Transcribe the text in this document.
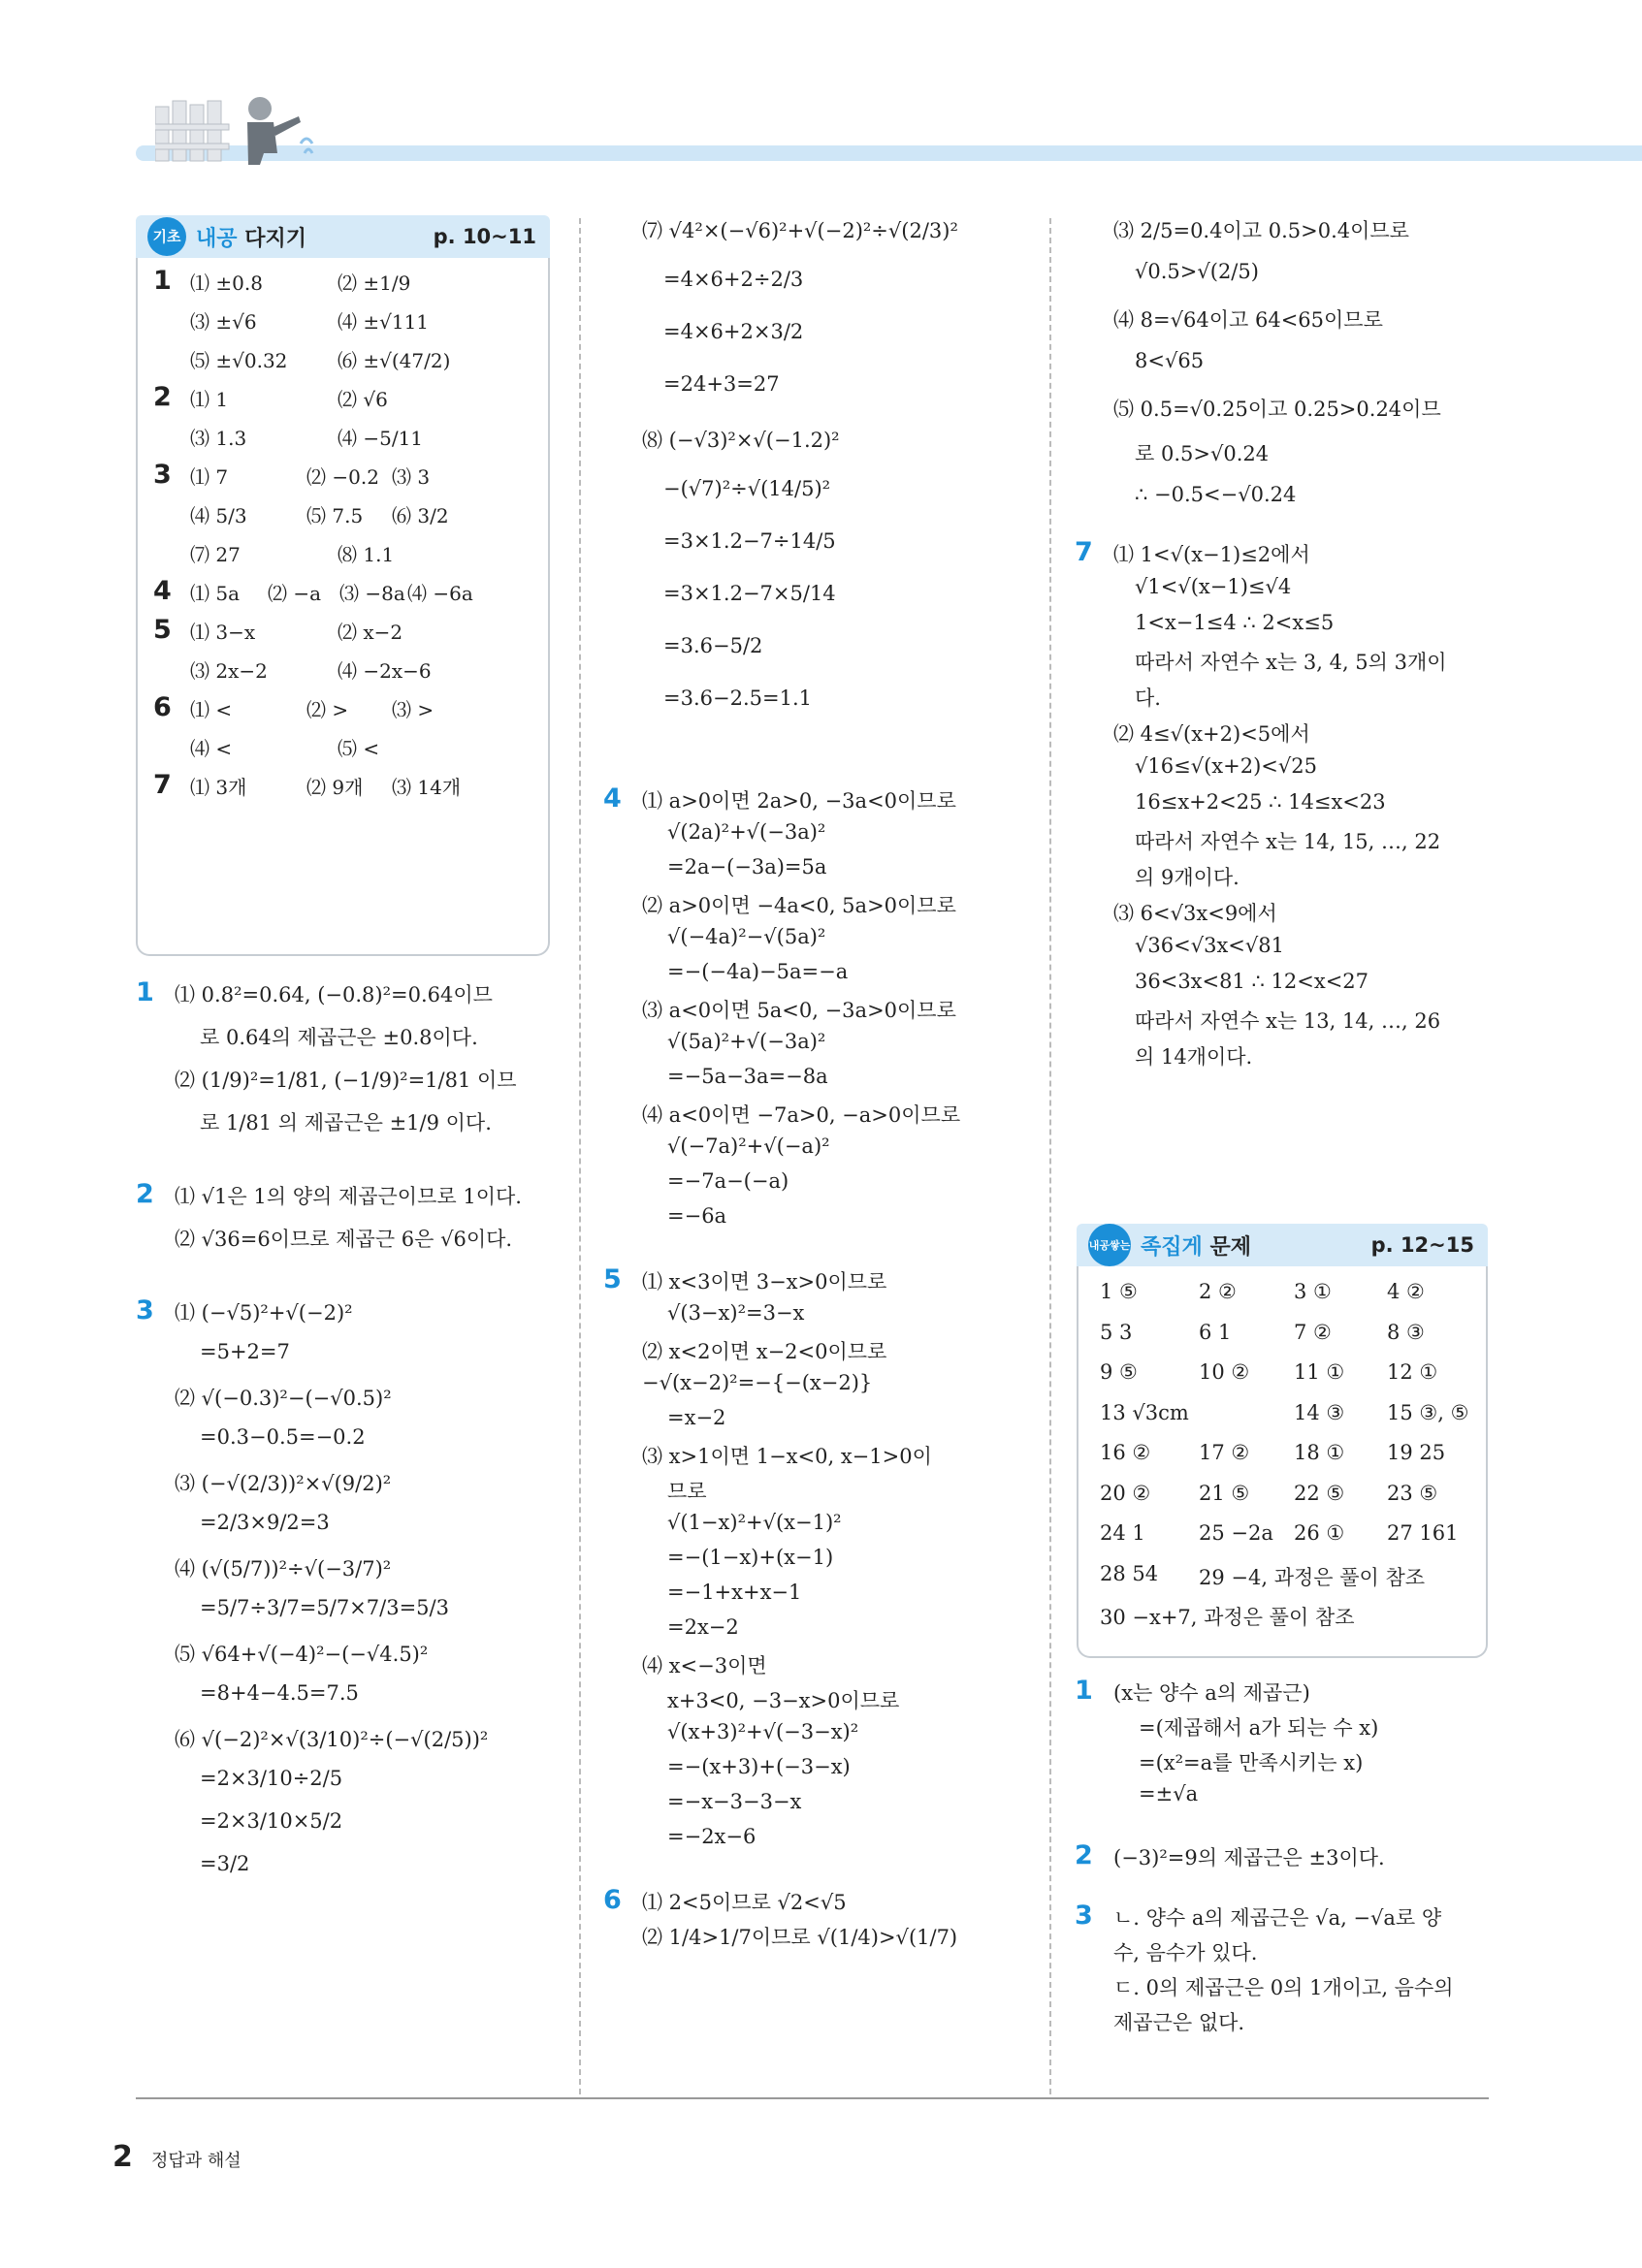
기초 내공 다지기	p. 10~11
1 ⑴ ±0.8	⑵ ±1/9
⑶ ±√6	⑷ ±√111
⑸ ±√0.32	⑹ ±√(47/2)
2 ⑴ 1	⑵ √6
⑶ 1.3	⑷ −5/11
3 ⑴ 7	⑵ −0.2 ⑶ 3
⑷ 5/3	⑸ 7.5 ⑹ 3/2
⑺ 27	⑻ 1.1
4 ⑴ 5a ⑵ −a ⑶ −8a ⑷ −6a
5 ⑴ 3−x	⑵ x−2
⑶ 2x−2	⑷ −2x−6
6 ⑴ <	⑵ > ⑶ >
⑷ <	⑸ <
7 ⑴ 3개	⑵ 9개 ⑶ 14개
1 ⑴ 0.8²=0.64, (−0.8)²=0.64이므
로 0.64의 제곱근은 ±0.8이다.
⑵ (1/9)²=1/81, (−1/9)²=1/81 이므
로 1/81 의 제곱근은 ±1/9 이다.
2 ⑴ √1은 1의 양의 제곱근이므로 1이다.
⑵ √36=6이므로 제곱근 6은 √6이다.
3 ⑴ (−√5)²+√(−2)²
=5+2=7
⑵ √(−0.3)²−(−√0.5)²
=0.3−0.5=−0.2
⑶ (−√(2/3))²×√(9/2)²
=2/3×9/2=3
⑷ (√(5/7))²÷√(−3/7)²
=5/7÷3/7=5/7×7/3=5/3
⑸ √64+√(−4)²−(−√4.5)²
=8+4−4.5=7.5
⑹ √(−2)²×√(3/10)²÷(−√(2/5))²
=2×3/10÷2/5
=2×3/10×5/2
=3/2
⑺ √4²×(−√6)²+√(−2)²÷√(2/3)²
=4×6+2÷2/3
=4×6+2×3/2
=24+3=27
⑻ (−√3)²×√(−1.2)²
−(√7)²÷√(14/5)²
=3×1.2−7÷14/5
=3×1.2−7×5/14
=3.6−5/2
=3.6−2.5=1.1
4 ⑴ a>0이면 2a>0, −3a<0이므로
√(2a)²+√(−3a)²
=2a−(−3a)=5a
⑵ a>0이면 −4a<0, 5a>0이므로
√(−4a)²−√(5a)²
=−(−4a)−5a=−a
⑶ a<0이면 5a<0, −3a>0이므로
√(5a)²+√(−3a)²
=−5a−3a=−8a
⑷ a<0이면 −7a>0, −a>0이므로
√(−7a)²+√(−a)²
=−7a−(−a)
=−6a
5 ⑴ x<3이면 3−x>0이므로
√(3−x)²=3−x
⑵ x<2이면 x−2<0이므로
−√(x−2)²=−{−(x−2)}
=x−2
⑶ x>1이면 1−x<0, x−1>0이
므로
√(1−x)²+√(x−1)²
=−(1−x)+(x−1)
=−1+x+x−1
=2x−2
⑷ x<−3이면
x+3<0, −3−x>0이므로
√(x+3)²+√(−3−x)²
=−(x+3)+(−3−x)
=−x−3−3−x
=−2x−6
6 ⑴ 2<5이므로 √2<√5
⑵ 1/4>1/7이므로 √(1/4)>√(1/7)
⑶ 2/5=0.4이고 0.5>0.4이므로
√0.5>√(2/5)
⑷ 8=√64이고 64<65이므로
8<√65
⑸ 0.5=√0.25이고 0.25>0.24이므
로 0.5>√0.24
∴ −0.5<−√0.24
7 ⑴ 1<√(x−1)≤2에서
√1<√(x−1)≤√4
1<x−1≤4 ∴ 2<x≤5
따라서 자연수 x는 3, 4, 5의 3개이
다.
⑵ 4≤√(x+2)<5에서
√16≤√(x+2)<√25
16≤x+2<25 ∴ 14≤x<23
따라서 자연수 x는 14, 15, …, 22
의 9개이다.
⑶ 6<√3x<9에서
√36<√3x<√81
36<3x<81 ∴ 12<x<27
따라서 자연수 x는 13, 14, …, 26
의 14개이다.
내공쌓는 족집게 문제	p. 12~15
1 ⑤	2 ②	3 ①	4 ②
5 3	6 1	7 ②	8 ③
9 ⑤	10 ② 11 ① 12 ①
13 √3cm	14 ③ 15 ③, ⑤
16 ② 17 ② 18 ① 19 25
20 ② 21 ⑤ 22 ⑤ 23 ⑤
24 1	25 −2a 26 ① 27 161
28 54 29 −4, 과정은 풀이 참조
30 −x+7, 과정은 풀이 참조
1 (x는 양수 a의 제곱근)
=(제곱해서 a가 되는 수 x)
=(x²=a를 만족시키는 x)
=±√a
2 (−3)²=9의 제곱근은 ±3이다.
3 ㄴ. 양수 a의 제곱근은 √a, −√a로 양
수, 음수가 있다.
ㄷ. 0의 제곱근은 0의 1개이고, 음수의
제곱근은 없다.
2 정답과 해설
